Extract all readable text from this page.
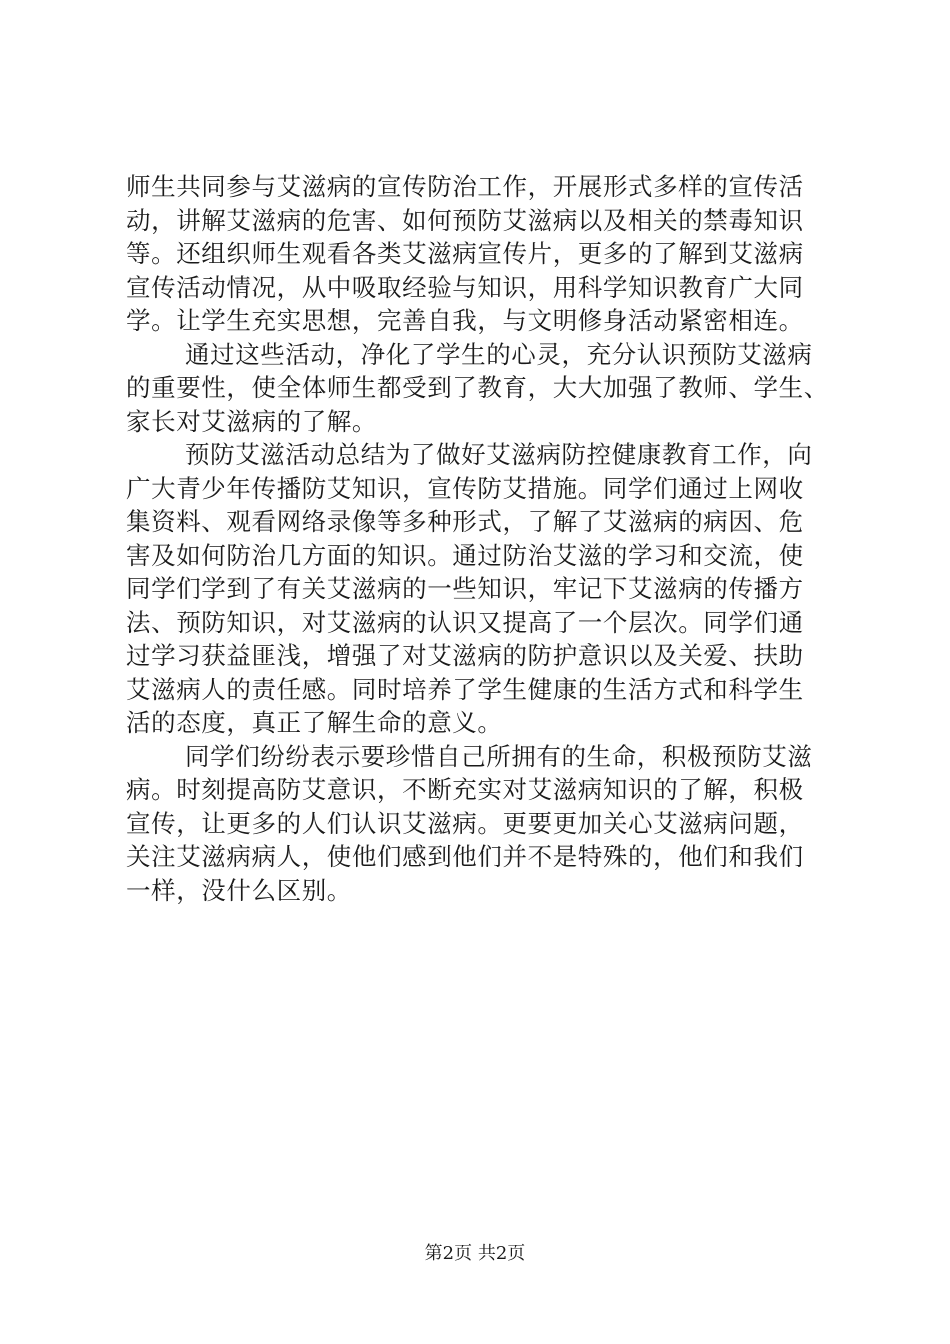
师生共同参与艾滋病的宣传防治工作，开展形式多样的宣传活
动，讲解艾滋病的危害、如何预防艾滋病以及相关的禁毒知识
等。还组织师生观看各类艾滋病宣传片，更多的了解到艾滋病
宣传活动情况，从中吸取经验与知识，用科学知识教育广大同
学。让学生充实思想，完善自我，与文明修身活动紧密相连。
通过这些活动，净化了学生的心灵，充分认识预防艾滋病
的重要性，使全体师生都受到了教育，大大加强了教师、学生、
家长对艾滋病的了解。
预防艾滋活动总结为了做好艾滋病防控健康教育工作，向
广大青少年传播防艾知识，宣传防艾措施。同学们通过上网收
集资料、观看网络录像等多种形式，了解了艾滋病的病因、危
害及如何防治几方面的知识。通过防治艾滋的学习和交流，使
同学们学到了有关艾滋病的一些知识，牢记下艾滋病的传播方
法、预防知识，对艾滋病的认识又提高了一个层次。同学们通
过学习获益匪浅，增强了对艾滋病的防护意识以及关爱、扶助
艾滋病人的责任感。同时培养了学生健康的生活方式和科学生
活的态度，真正了解生命的意义。
同学们纷纷表示要珍惜自己所拥有的生命，积极预防艾滋
病。时刻提高防艾意识，不断充实对艾滋病知识的了解，积极
宣传，让更多的人们认识艾滋病。更要更加关心艾滋病问题，
关注艾滋病病人，使他们感到他们并不是特殊的，他们和我们
一样，没什么区别。
第2页 共2页
